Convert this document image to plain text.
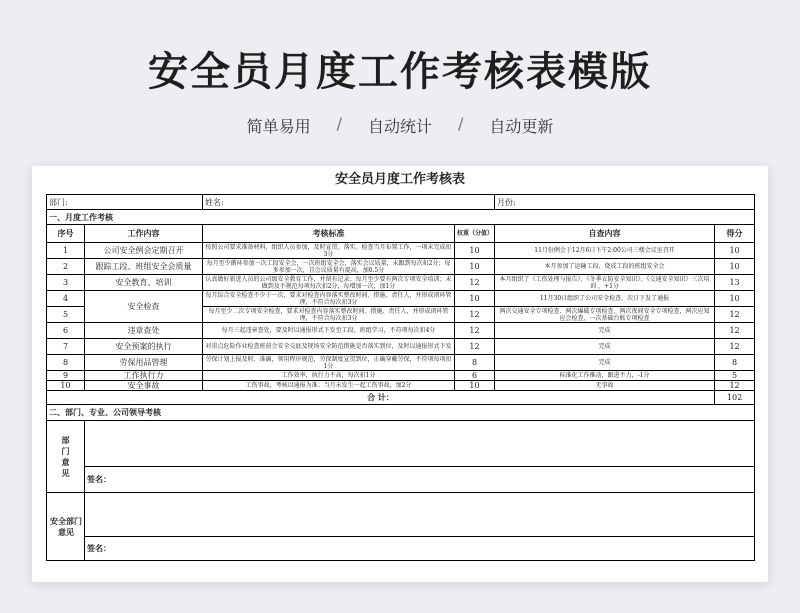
安全员月度工作考核表模版
简单易用 / 自动统计 / 自动更新
安全员月度工作考核表
部门:		姓名:		月份:	
一、月度工作考核					
序号	工作内容	考核标准	权重（分值）	自查内容	得分
1	公司安全例会定期召开	按照公司要求准备材料，组织人员参加，及时宣贯、落实、检查当月布置工作，一项未完成扣3分	10	11月份例会于12月6日下午2:00公司三楼会议室召开	10
2	跟踪工段、班组安全会质量	每月至少循环参加一次工段安全会，一次班组安全会，落实会议质量，未跟到每次扣2分；每多参加一次，且会议质量有提高，加0.5分	10	本月参加了运输工段、烧成工段的班组安全会	10
3	安全教育、培训	认真做好新进人员的公司级安全教育工作，并留有记录；每月至少要有两次专项安全培训；未做到及不规范每项每次扣2分，每增加一次，加1分	12	本月组织了《工伤处理与报告》、《冬季五防安全知识》、《交通安全知识》三次培训 ，+1分	13
4	安全检查	每月综合安全检查不少于一次，要求对检查内容落实整改时间、措施、责任人，并形成闭环管理，不符合每次扣3分	10	11月30日组织了公司安全检查，次日下发了通报	10
5		每月至少二次专项安全检查，要求对检查内容落实整改时间、措施、责任人，并形成闭环管理，不符合每次扣3分	12	两次交通安全专项检查、两次爆破专项检查、两次夜间安全专项检查，两次应知应会检查、一次基础台账专项检查	12
6	违章查处	每月三起违章查处，要及时以通报形式下发至工段、班组学习，不符项每次扣4分	12	完成	12
7	安全预案的执行	对重点危险作业检查班前会安全交底及现场安全防范措施是否落实到位，及时以通报形式下发	12	完成	12
8	劳保用品管理	劳保计划上报及时、准确，领用程序规范，劳保制度宣贯到位，正确穿戴劳保，不符项每项扣1分	8	完成	8
9	工作执行力	工作效率，执行力不高，每次扣1分	6	标准化工作推动，跟进不力，-1分	5
10	安全事故	工伤事故，考核以通报为准；当月未发生一起工伤事故，加2分	10	无事故	12
合 计：					102
二、部门、专业、公司领导考核					
部门意见					
	签名：				
安全部门意见					
	签名：				
